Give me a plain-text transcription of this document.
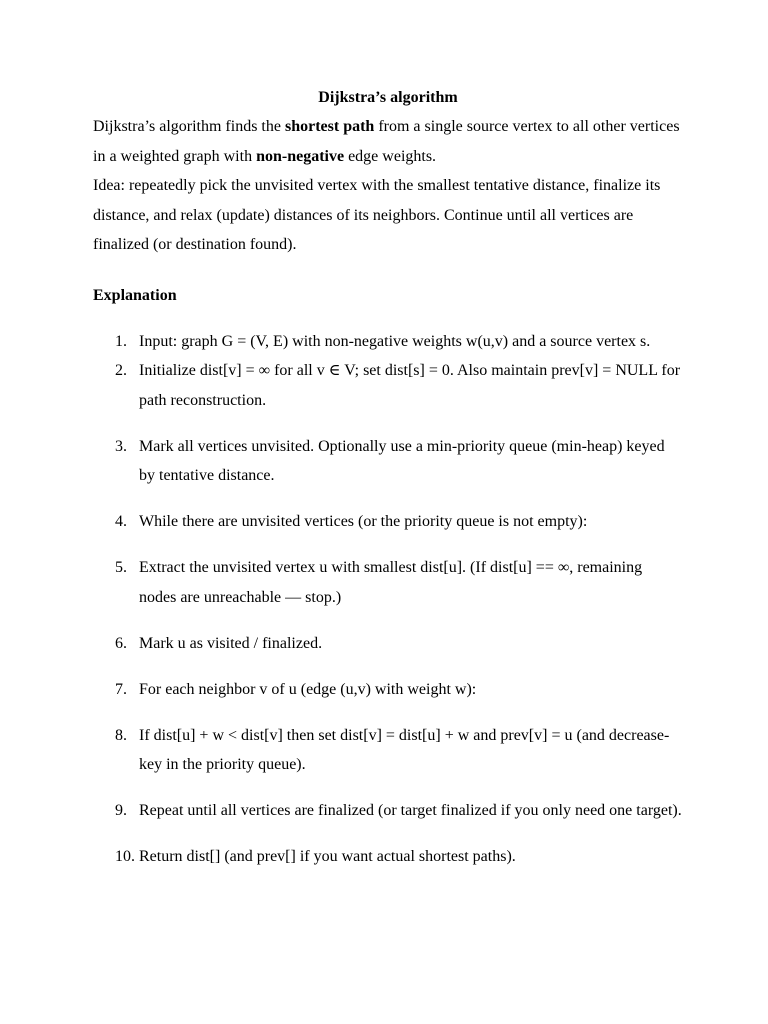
Dijkstra’s algorithm

Dijkstra’s algorithm finds the shortest path from a single source vertex to all other vertices in a weighted graph with non-negative edge weights.

Idea: repeatedly pick the unvisited vertex with the smallest tentative distance, finalize its distance, and relax (update) distances of its neighbors. Continue until all vertices are finalized (or destination found).

Explanation
1. Input: graph G = (V, E) with non-negative weights w(u,v) and a source vertex s.
2. Initialize dist[v] = ∞ for all v ∈ V; set dist[s] = 0. Also maintain prev[v] = NULL for path reconstruction.
3. Mark all vertices unvisited. Optionally use a min-priority queue (min-heap) keyed by tentative distance.
4. While there are unvisited vertices (or the priority queue is not empty):
5. Extract the unvisited vertex u with smallest dist[u]. (If dist[u] == ∞, remaining nodes are unreachable — stop.)
6. Mark u as visited / finalized.
7. For each neighbor v of u (edge (u,v) with weight w):
8. If dist[u] + w < dist[v] then set dist[v] = dist[u] + w and prev[v] = u (and decrease-key in the priority queue).
9. Repeat until all vertices are finalized (or target finalized if you only need one target).
10. Return dist[] (and prev[] if you want actual shortest paths).
